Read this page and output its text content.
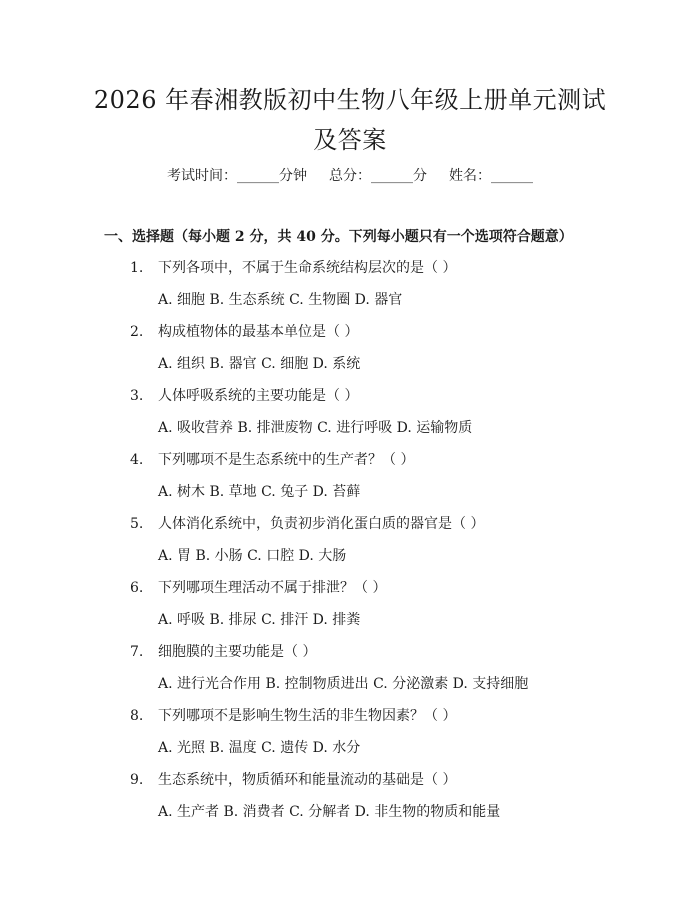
2026 年春湘教版初中生物八年级上册单元测试及答案
考试时间：______分钟 总分：______分 姓名：______
一、选择题（每小题 2 分，共 40 分。下列每小题只有一个选项符合题意）
1. 下列各项中，不属于生命系统结构层次的是（ ）
A. 细胞 B. 生态系统 C. 生物圈 D. 器官
2. 构成植物体的最基本单位是（ ）
A. 组织 B. 器官 C. 细胞 D. 系统
3. 人体呼吸系统的主要功能是（ ）
A. 吸收营养 B. 排泄废物 C. 进行呼吸 D. 运输物质
4. 下列哪项不是生态系统中的生产者？（ ）
A. 树木 B. 草地 C. 兔子 D. 苔藓
5. 人体消化系统中，负责初步消化蛋白质的器官是（ ）
A. 胃 B. 小肠 C. 口腔 D. 大肠
6. 下列哪项生理活动不属于排泄？（ ）
A. 呼吸 B. 排尿 C. 排汗 D. 排粪
7. 细胞膜的主要功能是（ ）
A. 进行光合作用 B. 控制物质进出 C. 分泌激素 D. 支持细胞
8. 下列哪项不是影响生物生活的非生物因素？（ ）
A. 光照 B. 温度 C. 遗传 D. 水分
9. 生态系统中，物质循环和能量流动的基础是（ ）
A. 生产者 B. 消费者 C. 分解者 D. 非生物的物质和能量
